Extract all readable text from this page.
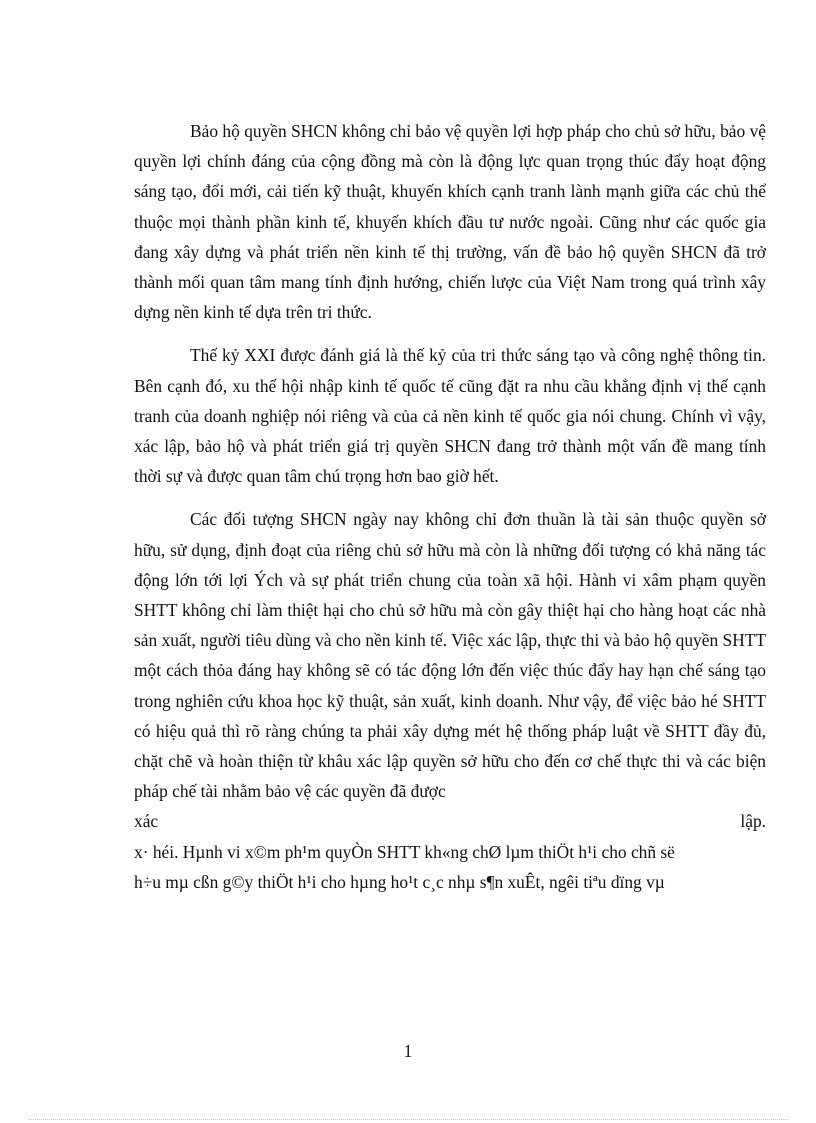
Bảo hộ quyền SHCN không chỉ bảo vệ quyền lợi hợp pháp cho chủ sở hữu, bảo vệ quyền lợi chính đáng của cộng đồng mà còn là động lực quan trọng thúc đẩy hoạt động sáng tạo, đổi mới, cải tiến kỹ thuật, khuyến khích cạnh tranh lành mạnh giữa các chủ thể thuộc mọi thành phần kinh tế, khuyến khích đầu tư nước ngoài. Cũng như các quốc gia đang xây dựng và phát triển nền kinh tế thị trường, vấn đề bảo hộ quyền SHCN đã trở thành mối quan tâm mang tính định hướng, chiến lược của Việt Nam trong quá trình xây dựng nền kinh tế dựa trên tri thức.

Thế kỷ XXI được đánh giá là thế kỷ của tri thức sáng tạo và công nghệ thông tin. Bên cạnh đó, xu thế hội nhập kinh tế quốc tế cũng đặt ra nhu cầu khẳng định vị thế cạnh tranh của doanh nghiệp nói riêng và của cả nền kinh tế quốc gia nói chung. Chính vì vậy, xác lập, bảo hộ và phát triển giá trị quyền SHCN đang trở thành một vấn đề mang tính thời sự và được quan tâm chú trọng hơn bao giờ hết.

Các đối tượng SHCN ngày nay không chỉ đơn thuần là tài sản thuộc quyền sở hữu, sử dụng, định đoạt của riêng chủ sở hữu mà còn là những đối tượng có khả năng tác động lớn tới lợi Ých và sự phát triển chung của toàn xã hội. Hành vi xâm phạm quyền SHTT không chỉ làm thiệt hại cho chủ sở hữu mà còn gây thiệt hại cho hàng hoạt các nhà sản xuất, người tiêu dùng và cho nền kinh tế. Việc xác lập, thực thi và bảo hộ quyền SHTT một cách thỏa đáng hay không sẽ có tác động lớn đến việc thúc đẩy hay hạn chế sáng tạo trong nghiên cứu khoa học kỹ thuật, sản xuất, kinh doanh. Như vậy, để việc bảo hé SHTT có hiệu quả thì rõ ràng chúng ta phải xây dựng mét hệ thống pháp luật về SHTT đầy đủ, chặt chẽ và hoàn thiện từ khâu xác lập quyền sở hữu cho đến cơ chế thực thi và các biện pháp chế tài nhằm bảo vệ các quyền đã được

xác	lập.
x· héi. Hµnh vi x©m ph¹m quyÒn SHTT kh«ng chØ lµm thiÖt h¹i cho chñ së
h÷u mµ cßn g©y thiÖt h¹i cho hµng ho¹t c¸c nhµ s¶n xuÊt, ngêi tiªu dïng vµ
1
